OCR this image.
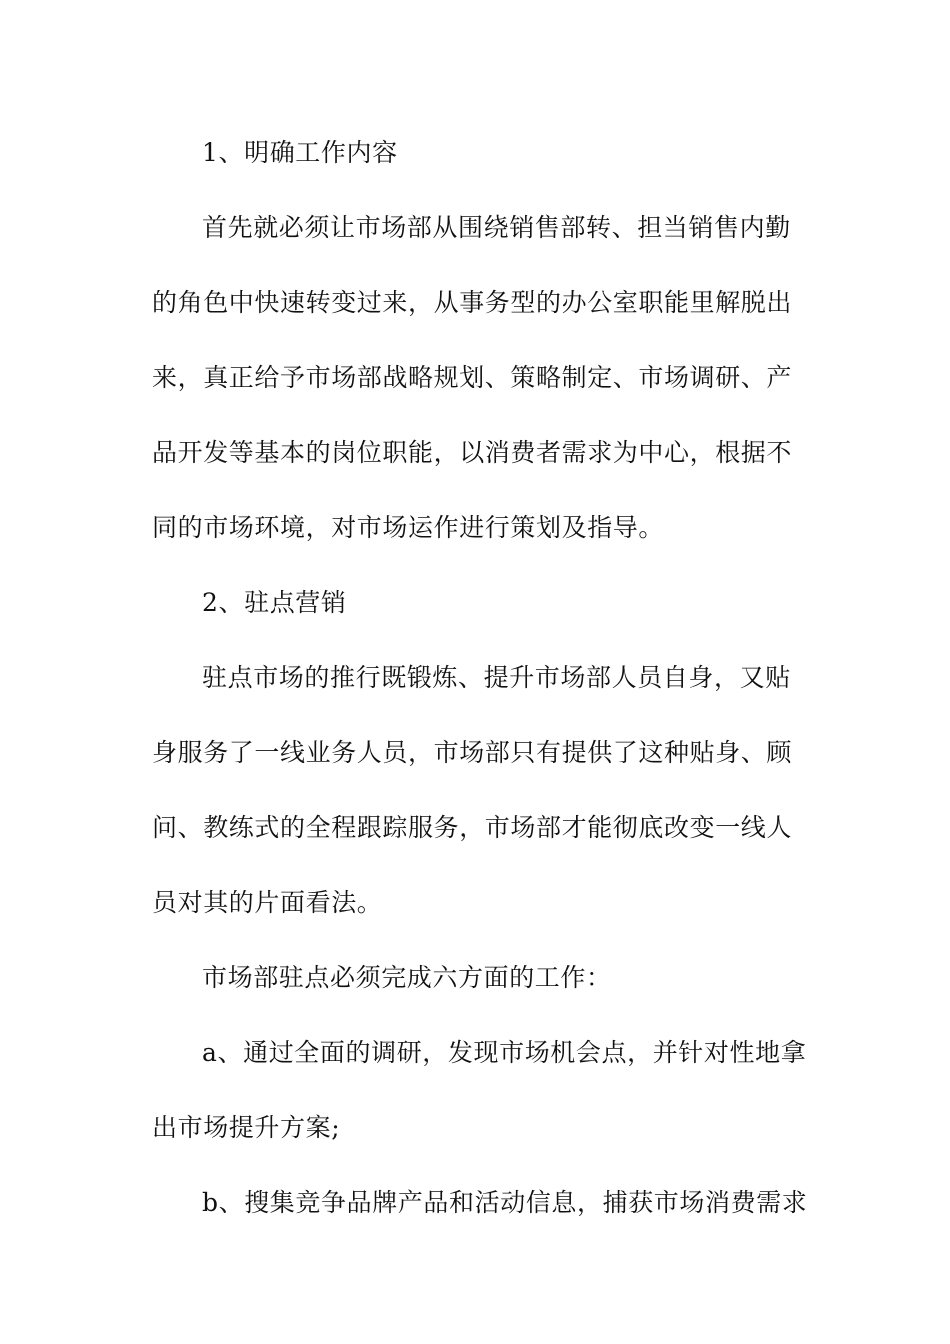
1、明确工作内容
首先就必须让市场部从围绕销售部转、担当销售内勤
的角色中快速转变过来，从事务型的办公室职能里解脱出
来，真正给予市场部战略规划、策略制定、市场调研、产
品开发等基本的岗位职能，以消费者需求为中心，根据不
同的市场环境，对市场运作进行策划及指导。
2、驻点营销
驻点市场的推行既锻炼、提升市场部人员自身，又贴
身服务了一线业务人员，市场部只有提供了这种贴身、顾
问、教练式的全程跟踪服务，市场部才能彻底改变一线人
员对其的片面看法。
市场部驻点必须完成六方面的工作：
a、通过全面的调研，发现市场机会点，并针对性地拿
出市场提升方案;
b、搜集竞争品牌产品和活动信息，捕获市场消费需求
